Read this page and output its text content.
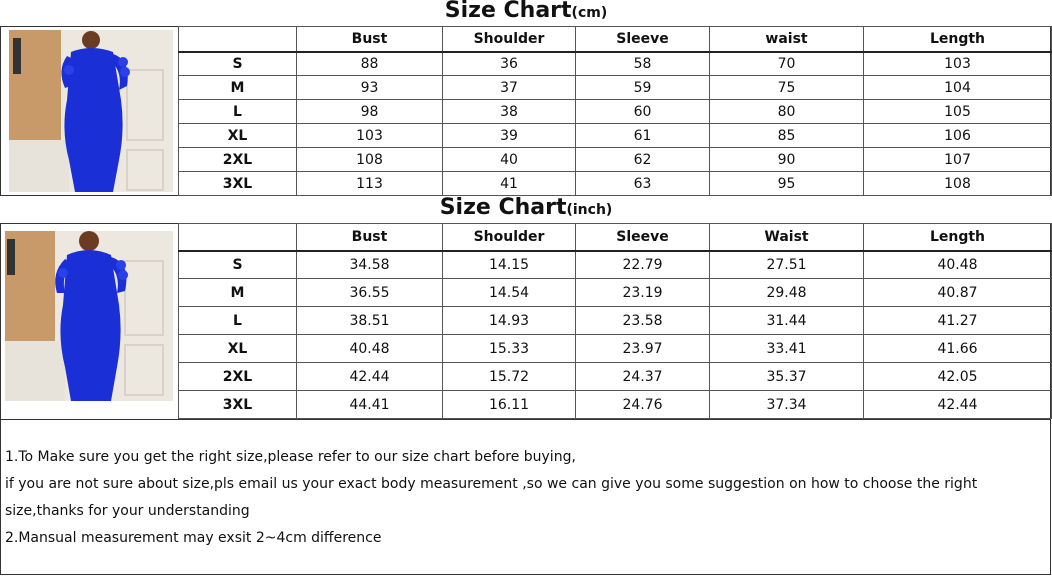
Size Chart(cm)
	Bust	Shoulder	Sleeve	waist	Length
S	88	36	58	70	103
M	93	37	59	75	104
L	98	38	60	80	105
XL	103	39	61	85	106
2XL	108	40	62	90	107
3XL	113	41	63	95	108
Size Chart(inch)
	Bust	Shoulder	Sleeve	Waist	Length
S	34.58	14.15	22.79	27.51	40.48
M	36.55	14.54	23.19	29.48	40.87
L	38.51	14.93	23.58	31.44	41.27
XL	40.48	15.33	23.97	33.41	41.66
2XL	42.44	15.72	24.37	35.37	42.05
3XL	44.41	16.11	24.76	37.34	42.44

1.To Make sure you get the right size,please refer to our size chart before buying,

if you are not sure about size,pls email us your exact body measurement ,so we can give you some suggestion on how to choose the right size,thanks for your understanding

2.Mansual measurement may exsit 2~4cm difference
